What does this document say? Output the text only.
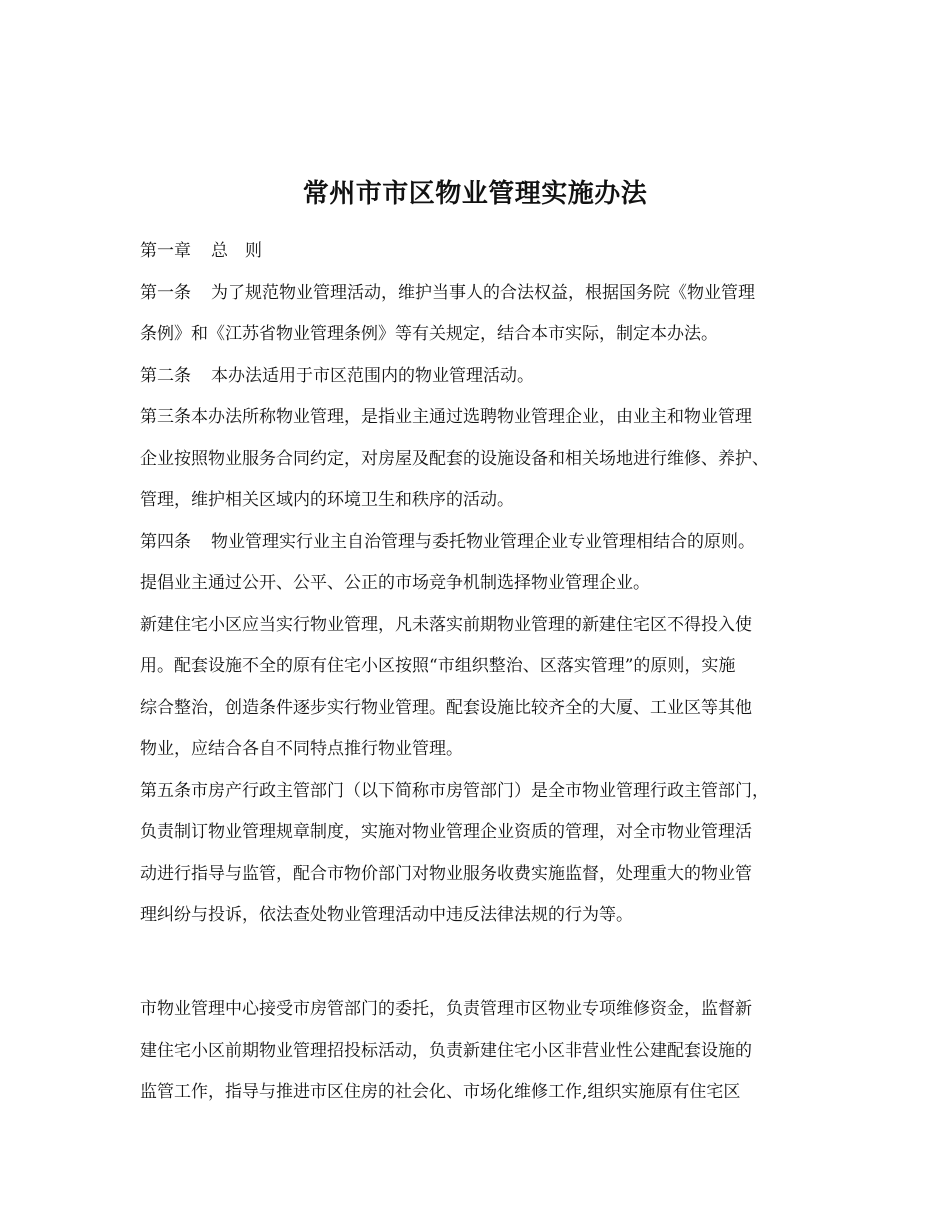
常州市市区物业管理实施办法

第一章 总　则

第一条 为了规范物业管理活动，维护当事人的合法权益，根据国务院《物业管理

条例》和《江苏省物业管理条例》等有关规定，结合本市实际，制定本办法。

第二条 本办法适用于市区范围内的物业管理活动。

第三条本办法所称物业管理，是指业主通过选聘物业管理企业，由业主和物业管理

企业按照物业服务合同约定，对房屋及配套的设施设备和相关场地进行维修、养护、

管理，维护相关区域内的环境卫生和秩序的活动。

第四条 物业管理实行业主自治管理与委托物业管理企业专业管理相结合的原则。

提倡业主通过公开、公平、公正的市场竞争机制选择物业管理企业。

新建住宅小区应当实行物业管理，凡未落实前期物业管理的新建住宅区不得投入使

用。配套设施不全的原有住宅小区按照“市组织整治、区落实管理”的原则，实施

综合整治，创造条件逐步实行物业管理。配套设施比较齐全的大厦、工业区等其他

物业，应结合各自不同特点推行物业管理。

第五条市房产行政主管部门（以下简称市房管部门）是全市物业管理行政主管部门，

负责制订物业管理规章制度，实施对物业管理企业资质的管理，对全市物业管理活

动进行指导与监管，配合市物价部门对物业服务收费实施监督，处理重大的物业管

理纠纷与投诉，依法查处物业管理活动中违反法律法规的行为等。

市物业管理中心接受市房管部门的委托，负责管理市区物业专项维修资金，监督新

建住宅小区前期物业管理招投标活动，负责新建住宅小区非营业性公建配套设施的

监管工作，指导与推进市区住房的社会化、市场化维修工作,组织实施原有住宅区
